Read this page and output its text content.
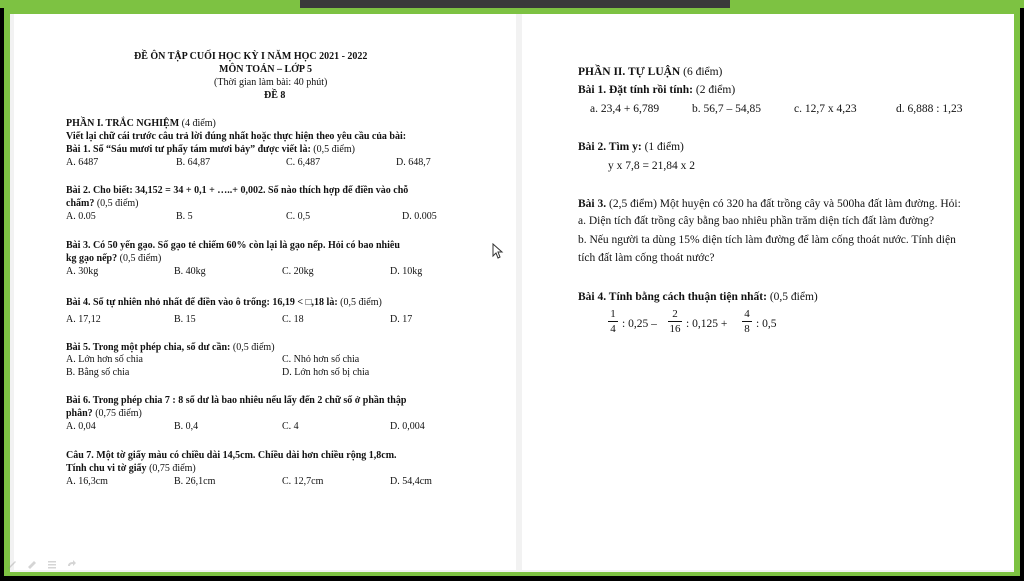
ĐỀ ÔN TẬP CUỐI HỌC KỲ I NĂM HỌC 2021 - 2022
MÔN TOÁN – LỚP 5
(Thời gian làm bài: 40 phút)
ĐỀ 8
PHẦN I. TRẮC NGHIỆM (4 điểm)
Viết lại chữ cái trước câu trả lời đúng nhất hoặc thực hiện theo yêu cầu của bài:
Bài 1. Số “Sáu mươi tư phẩy tám mươi bảy” được viết là: (0,5 điểm)
A. 6487	B. 64,87	C. 6,487	D. 648,7
Bài 2. Cho biết: 34,152 = 34 + 0,1 + …..+ 0,002. Số nào thích hợp để điền vào chỗ
chấm? (0,5 điểm)
A. 0.05	B. 5	C. 0,5	D. 0.005
Bài 3. Có 50 yến gạo. Số gạo tẻ chiếm 60% còn lại là gạo nếp. Hỏi có bao nhiêu
kg gạo nếp? (0,5 điểm)
A. 30kg	B. 40kg	C. 20kg	D. 10kg
Bài 4. Số tự nhiên nhỏ nhất để điền vào ô trống: 16,19 < □,18 là: (0,5 điểm)
A. 17,12	B. 15	C. 18	D. 17
Bài 5. Trong một phép chia, số dư cần: (0,5 điểm)
A. Lớn hơn số chia	C. Nhỏ hơn số chia
B. Bằng số chia	D. Lớn hơn số bị chia
Bài 6. Trong phép chia 7 : 8 số dư là bao nhiêu nếu lấy đến 2 chữ số ở phần thập
phân? (0,75 điểm)
A. 0,04	B. 0,4	C. 4	D. 0,004
Câu 7. Một tờ giấy màu có chiều dài 14,5cm. Chiều dài hơn chiều rộng 1,8cm.
Tính chu vi tờ giấy (0,75 điểm)
A. 16,3cm	B. 26,1cm	C. 12,7cm	D. 54,4cm
PHẦN II. TỰ LUẬN (6 điểm)
Bài 1. Đặt tính rồi tính: (2 điểm)
a. 23,4 + 6,789	b. 56,7 – 54,85	c. 12,7 x 4,23	d. 6,888 : 1,23
Bài 2. Tìm y: (1 điểm)
y x 7,8 = 21,84 x 2
Bài 3. (2,5 điểm) Một huyện có 320 ha đất trồng cây và 500ha đất làm đường. Hỏi:
a. Diện tích đất trồng cây bằng bao nhiêu phần trăm diện tích đất làm đường?
b. Nếu người ta dùng 15% diện tích làm đường để làm cống thoát nước. Tính diện
tích đất làm cống thoát nước?
Bài 4. Tính bằng cách thuận tiện nhất: (0,5 điểm)
1
4 : 0,25 –
2
16 : 0,125 +
4
8 : 0,5
